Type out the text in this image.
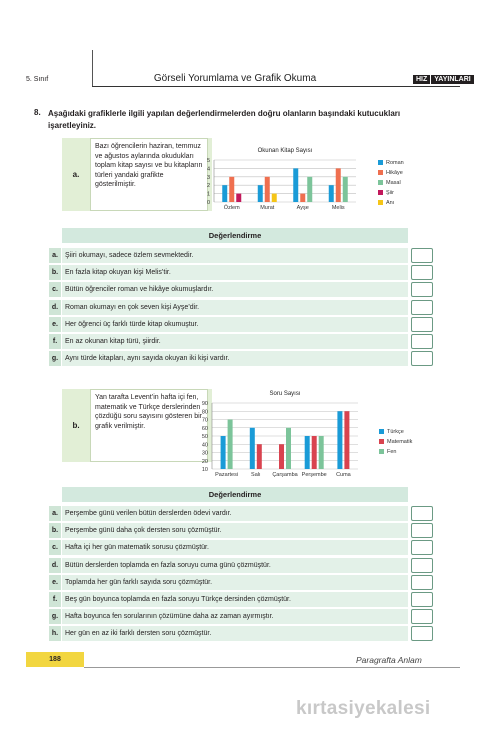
5. Sınıf	Görseli Yorumlama ve Grafik Okuma	HIZ	YAYINLARI
8. Aşağıdaki grafiklerle ilgili yapılan değerlendirmelerden doğru olanların başındaki kutucukları işaretleyiniz.
a.
Bazı öğrencilerin haziran, temmuz ve ağustos aylarında okudukları toplam kitap sayısı ve bu kitapların türleri yandaki grafikte gösterilmiştir.
Okunan Kitap Sayısı
0
1
2
3
4
5
Özlem	Murat	Ayşe	Melis
Roman
Hikâye
Masal
Şiir
Anı
Değerlendirme
a.	Şiiri okumayı, sadece özlem sevmektedir.
b. En fazla kitap okuyan kişi Melis’tir.
c.	Bütün öğrenciler roman ve hikâye okumuşlardır.
d. Roman okumayı en çok seven kişi Ayşe’dir.
e.	Her öğrenci üç farklı türde kitap okumuştur.
f.	En az okunan kitap türü, şiirdir.
g. Aynı türde kitapları, aynı sayıda okuyan iki kişi vardır.
b.
Yan tarafta Levent’in hafta içi fen, matematik ve Türkçe derslerinden çözdüğü soru sayısını gösteren bir grafik verilmiştir.
Soru Sayısı
10
20
30
40
50
60
70
80
90
Pazartesi Salı Çarşamba Perşembe Cuma
Türkçe
Matematik
Fen
Değerlendirme
a.	Perşembe günü verilen bütün derslerden ödevi vardır.
b. Perşembe günü daha çok dersten soru çözmüştür.
c.	Hafta içi her gün matematik sorusu çözmüştür.
d. Bütün derslerden toplamda en fazla soruyu cuma günü çözmüştür.
e.	Toplamda her gün farklı sayıda soru çözmüştür.
f.	Beş gün boyunca toplamda en fazla soruyu Türkçe dersinden çözmüştür.
g. Hafta boyunca fen sorularının çözümüne daha az zaman ayırmıştır.
h. Her gün en az iki farklı dersten soru çözmüştür.
188	Paragrafta Anlam
kırtasiyekalesi
